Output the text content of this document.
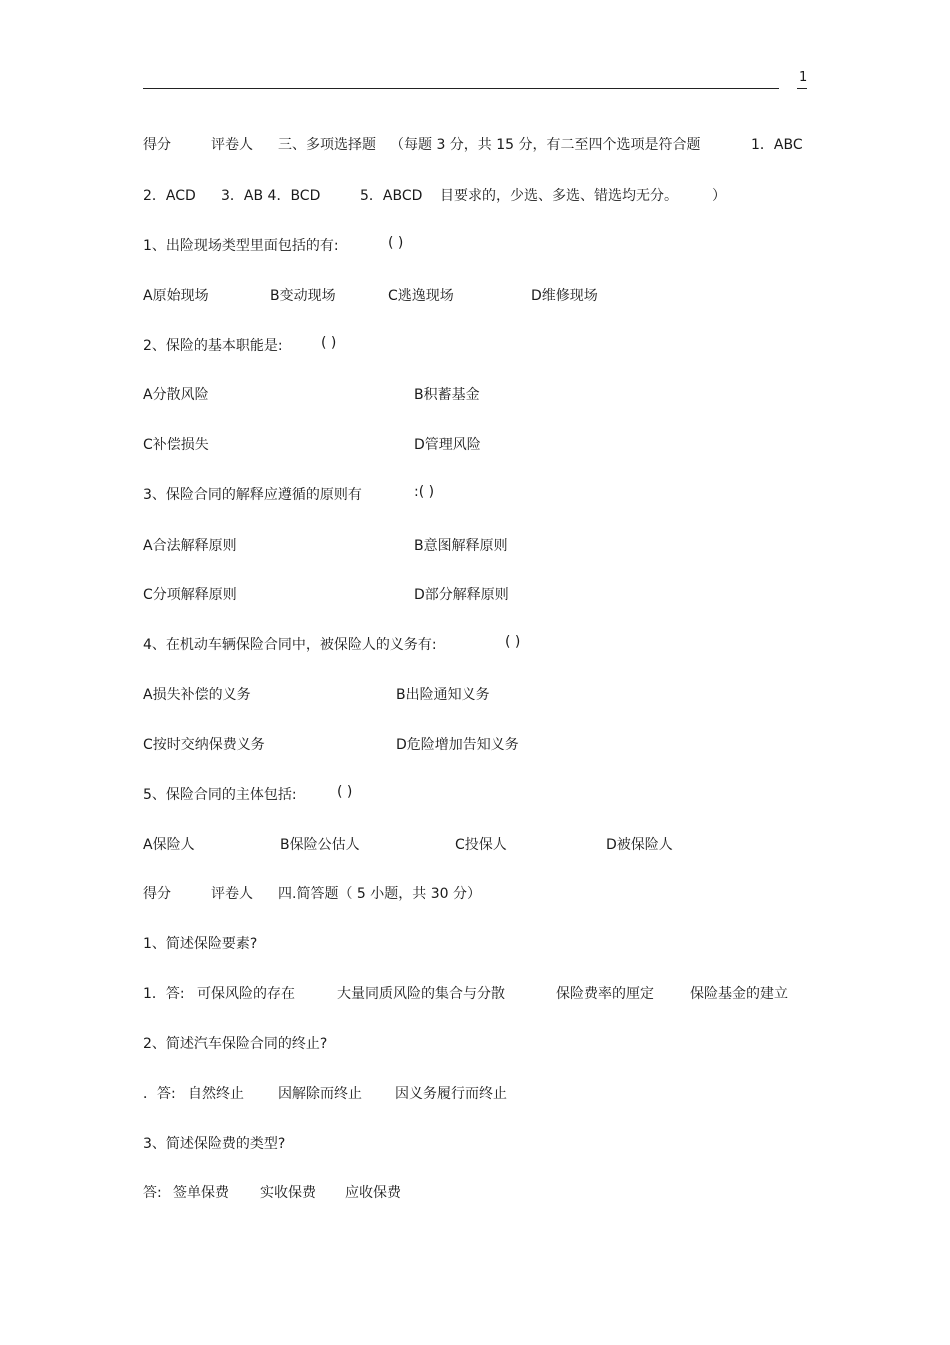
1
得分	评卷人 三、多项选择题 （每题 3 分，共 15 分，有二至四个选项是符合题	1．ABC
2．ACD 3．AB 4．BCD	5．ABCD 目要求的，少选、多选、错选均无分。 ）
1、出险现场类型里面包括的有:	( )
A原始现场	B变动现场	C逃逸现场	D维修现场
2、保险的基本职能是:	( )
A分散风险	B积蓄基金
C补偿损失	D管理风险
3、保险合同的解释应遵循的原则有	:( )
A合法解释原则	B意图解释原则
C分项解释原则	D部分解释原则
4、在机动车辆保险合同中，被保险人的义务有:	( )
A损失补偿的义务	B出险通知义务
C按时交纳保费义务	D危险增加告知义务
5、保险合同的主体包括:	( )
A保险人	B保险公估人	C投保人	D被保险人
得分	评卷人 四.简答题（ 5 小题，共 30 分）
1、简述保险要素?
1．答: 可保风险的存在	大量同质风险的集合与分散	保险费率的厘定	保险基金的建立
2、简述汽车保险合同的终止?
．答: 自然终止 因解除而终止 因义务履行而终止
3、简述保险费的类型?
答: 签单保费 实收保费 应收保费
